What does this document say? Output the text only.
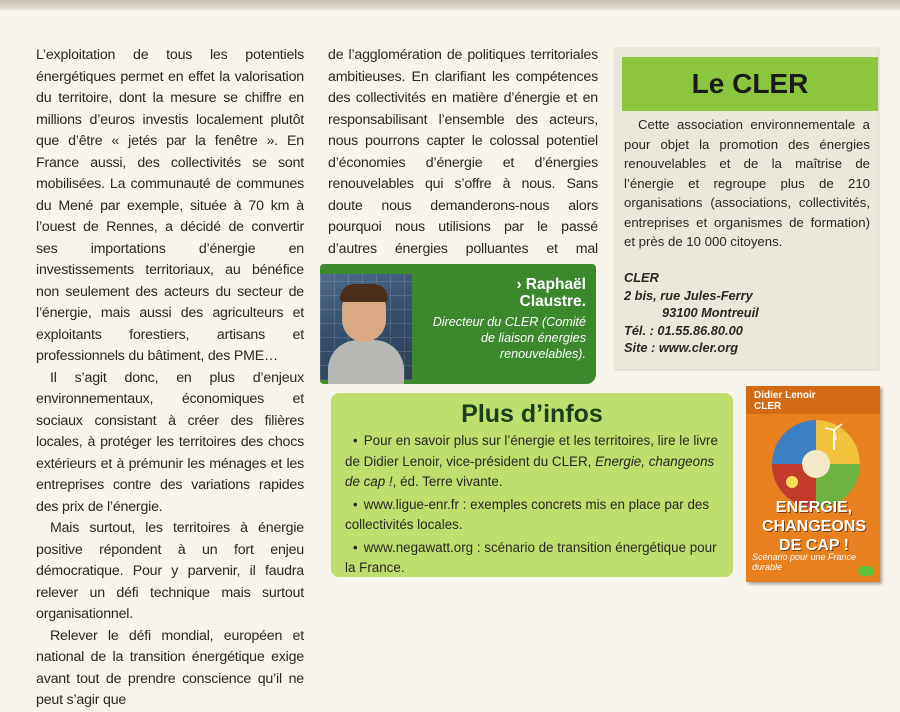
L’exploitation de tous les potentiels énergétiques permet en effet la valorisation du territoire, dont la mesure se chiffre en millions d’euros investis localement plutôt que d’être « jetés par la fenêtre ». En France aussi, des collectivités se sont mobilisées. La communauté de communes du Mené par exemple, située à 70 km à l’ouest de Rennes, a décidé de convertir ses importations d’énergie en investissements territoriaux, au bénéfice non seulement des acteurs du secteur de l’énergie, mais aussi des agriculteurs et exploitants forestiers, artisans et professionnels du bâtiment, des PME…

Il s’agit donc, en plus d’enjeux environnementaux, économiques et sociaux consistant à créer des filières locales, à protéger les territoires des chocs extérieurs et à prémunir les ménages et les entreprises contre des variations rapides des prix de l’énergie.

Mais surtout, les territoires à énergie positive répondent à un fort enjeu démocratique. Pour y parvenir, il faudra relever un défi technique mais surtout organisationnel.

Relever le défi mondial, européen et national de la transition énergétique exige avant tout de prendre conscience qu’il ne peut s’agir que

de l’agglomération de politiques territoriales ambitieuses. En clarifiant les compétences des collectivités en matière d’énergie et en responsabilisant l’ensemble des acteurs, nous pourrons capter le colossal potentiel d’économies d’énergie et d’énergies renouvelables qui s’offre à nous. Sans doute nous demanderons-nous alors pourquoi nous utilisions par le passé d’autres énergies polluantes et mal

› Raphaël
Claustre.
Directeur du CLER (Comité de liaison énergies renouvelables).
Le CLER
Cette association environnementale a pour objet la promotion des énergies renouvelables et de la maîtrise de l’énergie et regroupe plus de 210 organisations (associations, collectivités, entreprises et organismes de formation) et près de 10 000 citoyens.
CLER
2 bis, rue Jules-Ferry
93100 Montreuil
Tél. : 01.55.86.80.00
Site : www.cler.org
Plus d’infos
• Pour en savoir plus sur l’énergie et les territoires, lire le livre de Didier Lenoir, vice-président du CLER, Energie, changeons de cap !, éd. Terre vivante.
• www.ligue-enr.fr : exemples concrets mis en place par des collectivités locales.
• www.negawatt.org : scénario de transition énergétique pour la France.
Didier Lenoir
CLER
ENERGIE,
CHANGEONS
DE CAP !
Scénario pour une France durable
